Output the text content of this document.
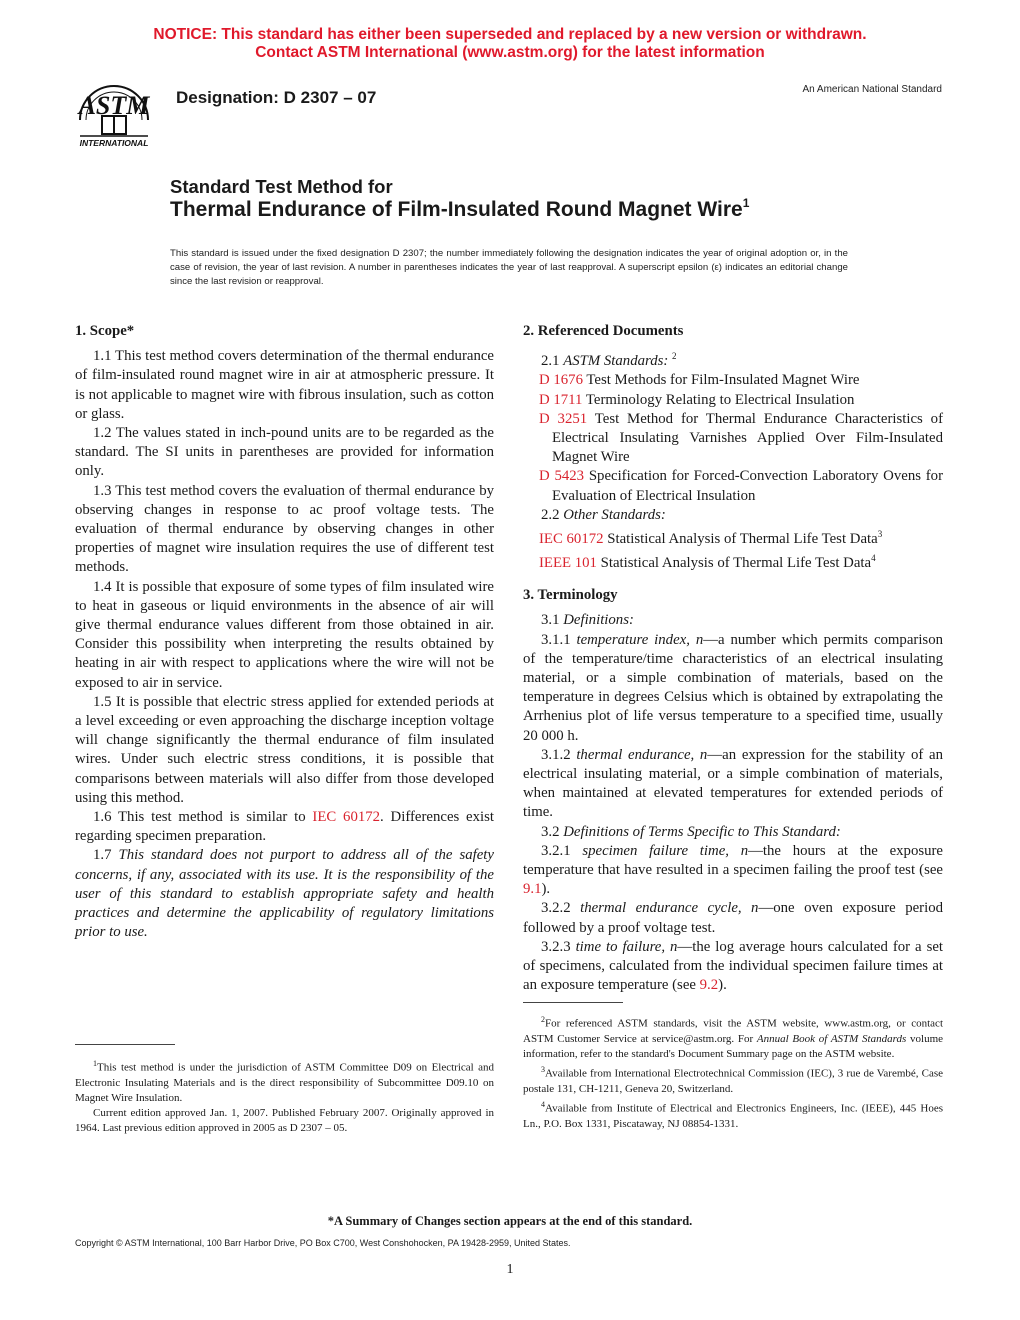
NOTICE: This standard has either been superseded and replaced by a new version or withdrawn.
Contact ASTM International (www.astm.org) for the latest information
ASTM
INTERNATIONAL
Designation: D 2307 – 07	An American National Standard
Standard Test Method for
Thermal Endurance of Film-Insulated Round Magnet Wire$^1$
This standard is issued under the fixed designation D 2307; the number immediately following the designation indicates the year of original adoption or, in the case of revision, the year of last revision. A number in parentheses indicates the year of last reapproval. A superscript epsilon (ε) indicates an editorial change since the last revision or reapproval.

1. Scope*

1.1 This test method covers determination of the thermal endurance of film-insulated round magnet wire in air at atmospheric pressure. It is not applicable to magnet wire with fibrous insulation, such as cotton or glass.

1.2 The values stated in inch-pound units are to be regarded as the standard. The SI units in parentheses are provided for information only.

1.3 This test method covers the evaluation of thermal endurance by observing changes in response to ac proof voltage tests. The evaluation of thermal endurance by observing changes in other properties of magnet wire insulation requires the use of different test methods.

1.4 It is possible that exposure of some types of film insulated wire to heat in gaseous or liquid environments in the absence of air will give thermal endurance values different from those obtained in air. Consider this possibility when interpreting the results obtained by heating in air with respect to applications where the wire will not be exposed to air in service.

1.5 It is possible that electric stress applied for extended periods at a level exceeding or even approaching the discharge inception voltage will change significantly the thermal endurance of film insulated wires. Under such electric stress conditions, it is possible that comparisons between materials will also differ from those developed using this method.

1.6 This test method is similar to IEC 60172. Differences exist regarding specimen preparation.

1.7 This standard does not purport to address all of the safety concerns, if any, associated with its use. It is the responsibility of the user of this standard to establish appropriate safety and health practices and determine the applicability of regulatory limitations prior to use.

$^1$This test method is under the jurisdiction of ASTM Committee D09 on Electrical and Electronic Insulating Materials and is the direct responsibility of Subcommittee D09.10 on Magnet Wire Insulation.

Current edition approved Jan. 1, 2007. Published February 2007. Originally approved in 1964. Last previous edition approved in 2005 as D 2307 – 05.

2. Referenced Documents

2.1 ASTM Standards: $^2$

D 1676 Test Methods for Film-Insulated Magnet Wire

D 1711 Terminology Relating to Electrical Insulation

D 3251 Test Method for Thermal Endurance Characteristics of Electrical Insulating Varnishes Applied Over Film-Insulated Magnet Wire

D 5423 Specification for Forced-Convection Laboratory Ovens for Evaluation of Electrical Insulation

2.2 Other Standards:

IEC 60172 Statistical Analysis of Thermal Life Test Data$^3$

IEEE 101 Statistical Analysis of Thermal Life Test Data$^4$

3. Terminology

3.1 Definitions:

3.1.1 temperature index, n—a number which permits comparison of the temperature/time characteristics of an electrical insulating material, or a simple combination of materials, based on the temperature in degrees Celsius which is obtained by extrapolating the Arrhenius plot of life versus temperature to a specified time, usually 20 000 h.

3.1.2 thermal endurance, n—an expression for the stability of an electrical insulating material, or a simple combination of materials, when maintained at elevated temperatures for extended periods of time.

3.2 Definitions of Terms Specific to This Standard:

3.2.1 specimen failure time, n—the hours at the exposure temperature that have resulted in a specimen failing the proof test (see 9.1).

3.2.2 thermal endurance cycle, n—one oven exposure period followed by a proof voltage test.

3.2.3 time to failure, n—the log average hours calculated for a set of specimens, calculated from the individual specimen failure times at an exposure temperature (see 9.2).

$^2$For referenced ASTM standards, visit the ASTM website, www.astm.org, or contact ASTM Customer Service at service@astm.org. For Annual Book of ASTM Standards volume information, refer to the standard's Document Summary page on the ASTM website.

$^3$Available from International Electrotechnical Commission (IEC), 3 rue de Varembé, Case postale 131, CH-1211, Geneva 20, Switzerland.

$^4$Available from Institute of Electrical and Electronics Engineers, Inc. (IEEE), 445 Hoes Ln., P.O. Box 1331, Piscataway, NJ 08854-1331.

*A Summary of Changes section appears at the end of this standard.
Copyright © ASTM International, 100 Barr Harbor Drive, PO Box C700, West Conshohocken, PA 19428-2959, United States.
1
